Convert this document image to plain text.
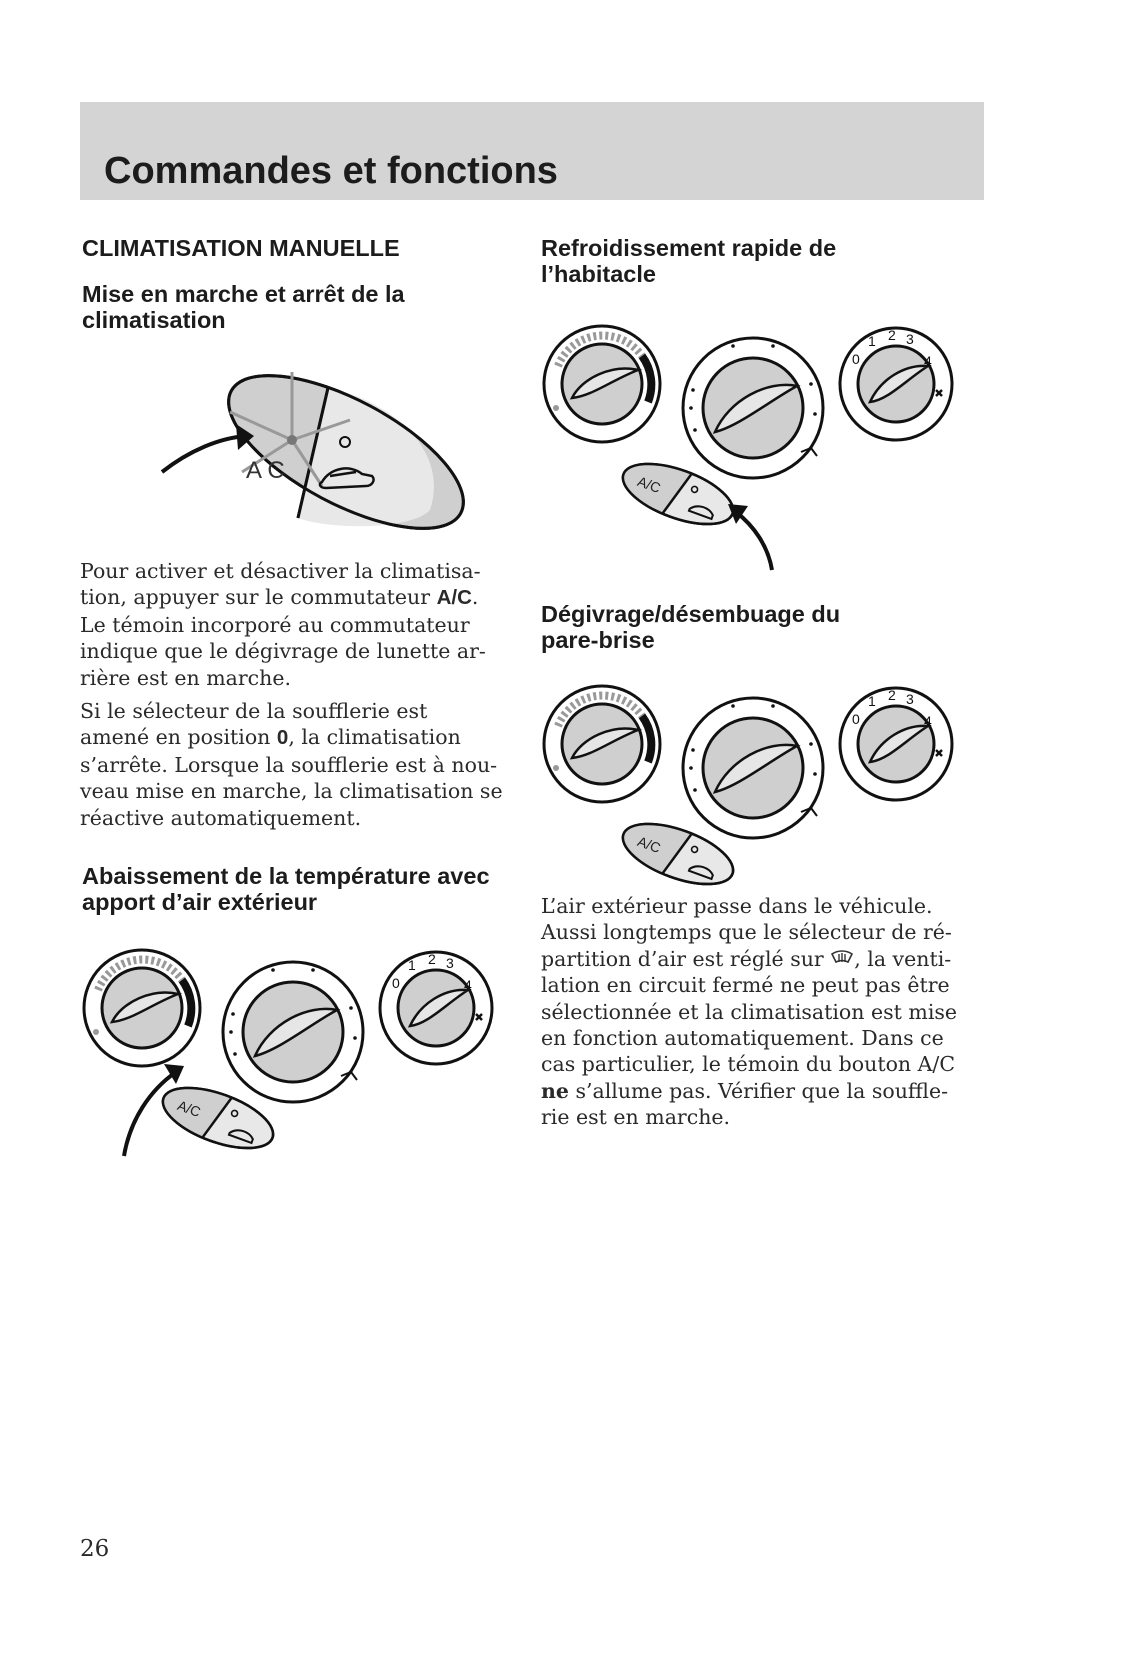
Commandes et fonctions
CLIMATISATION MANUELLE
Mise en marche et arrêt de la
climatisation
A C

Pour activer et désactiver la climatisa-
tion, appuyer sur le commutateur A/C.
Le témoin incorporé au commutateur
indique que le dégivrage de lunette ar-
rière est en marche.

Si le sélecteur de la soufflerie est
amené en position 0, la climatisation
s’arrête. Lorsque la soufflerie est à nou-
veau mise en marche, la climatisation se
réactive automatiquement.

Abaissement de la température avec
apport d’air extérieur
Refroidissement rapide de
l’habitacle
Dégivrage/désembuage du
pare-brise

L’air extérieur passe dans le véhicule.
Aussi longtemps que le sélecteur de ré-
partition d’air est réglé sur , la venti-
lation en circuit fermé ne peut pas être
sélectionnée et la climatisation est mise
en fonction automatiquement. Dans ce
cas particulier, le témoin du bouton A/C
ne s’allume pas. Vérifier que la souffle-
rie est en marche.

26
